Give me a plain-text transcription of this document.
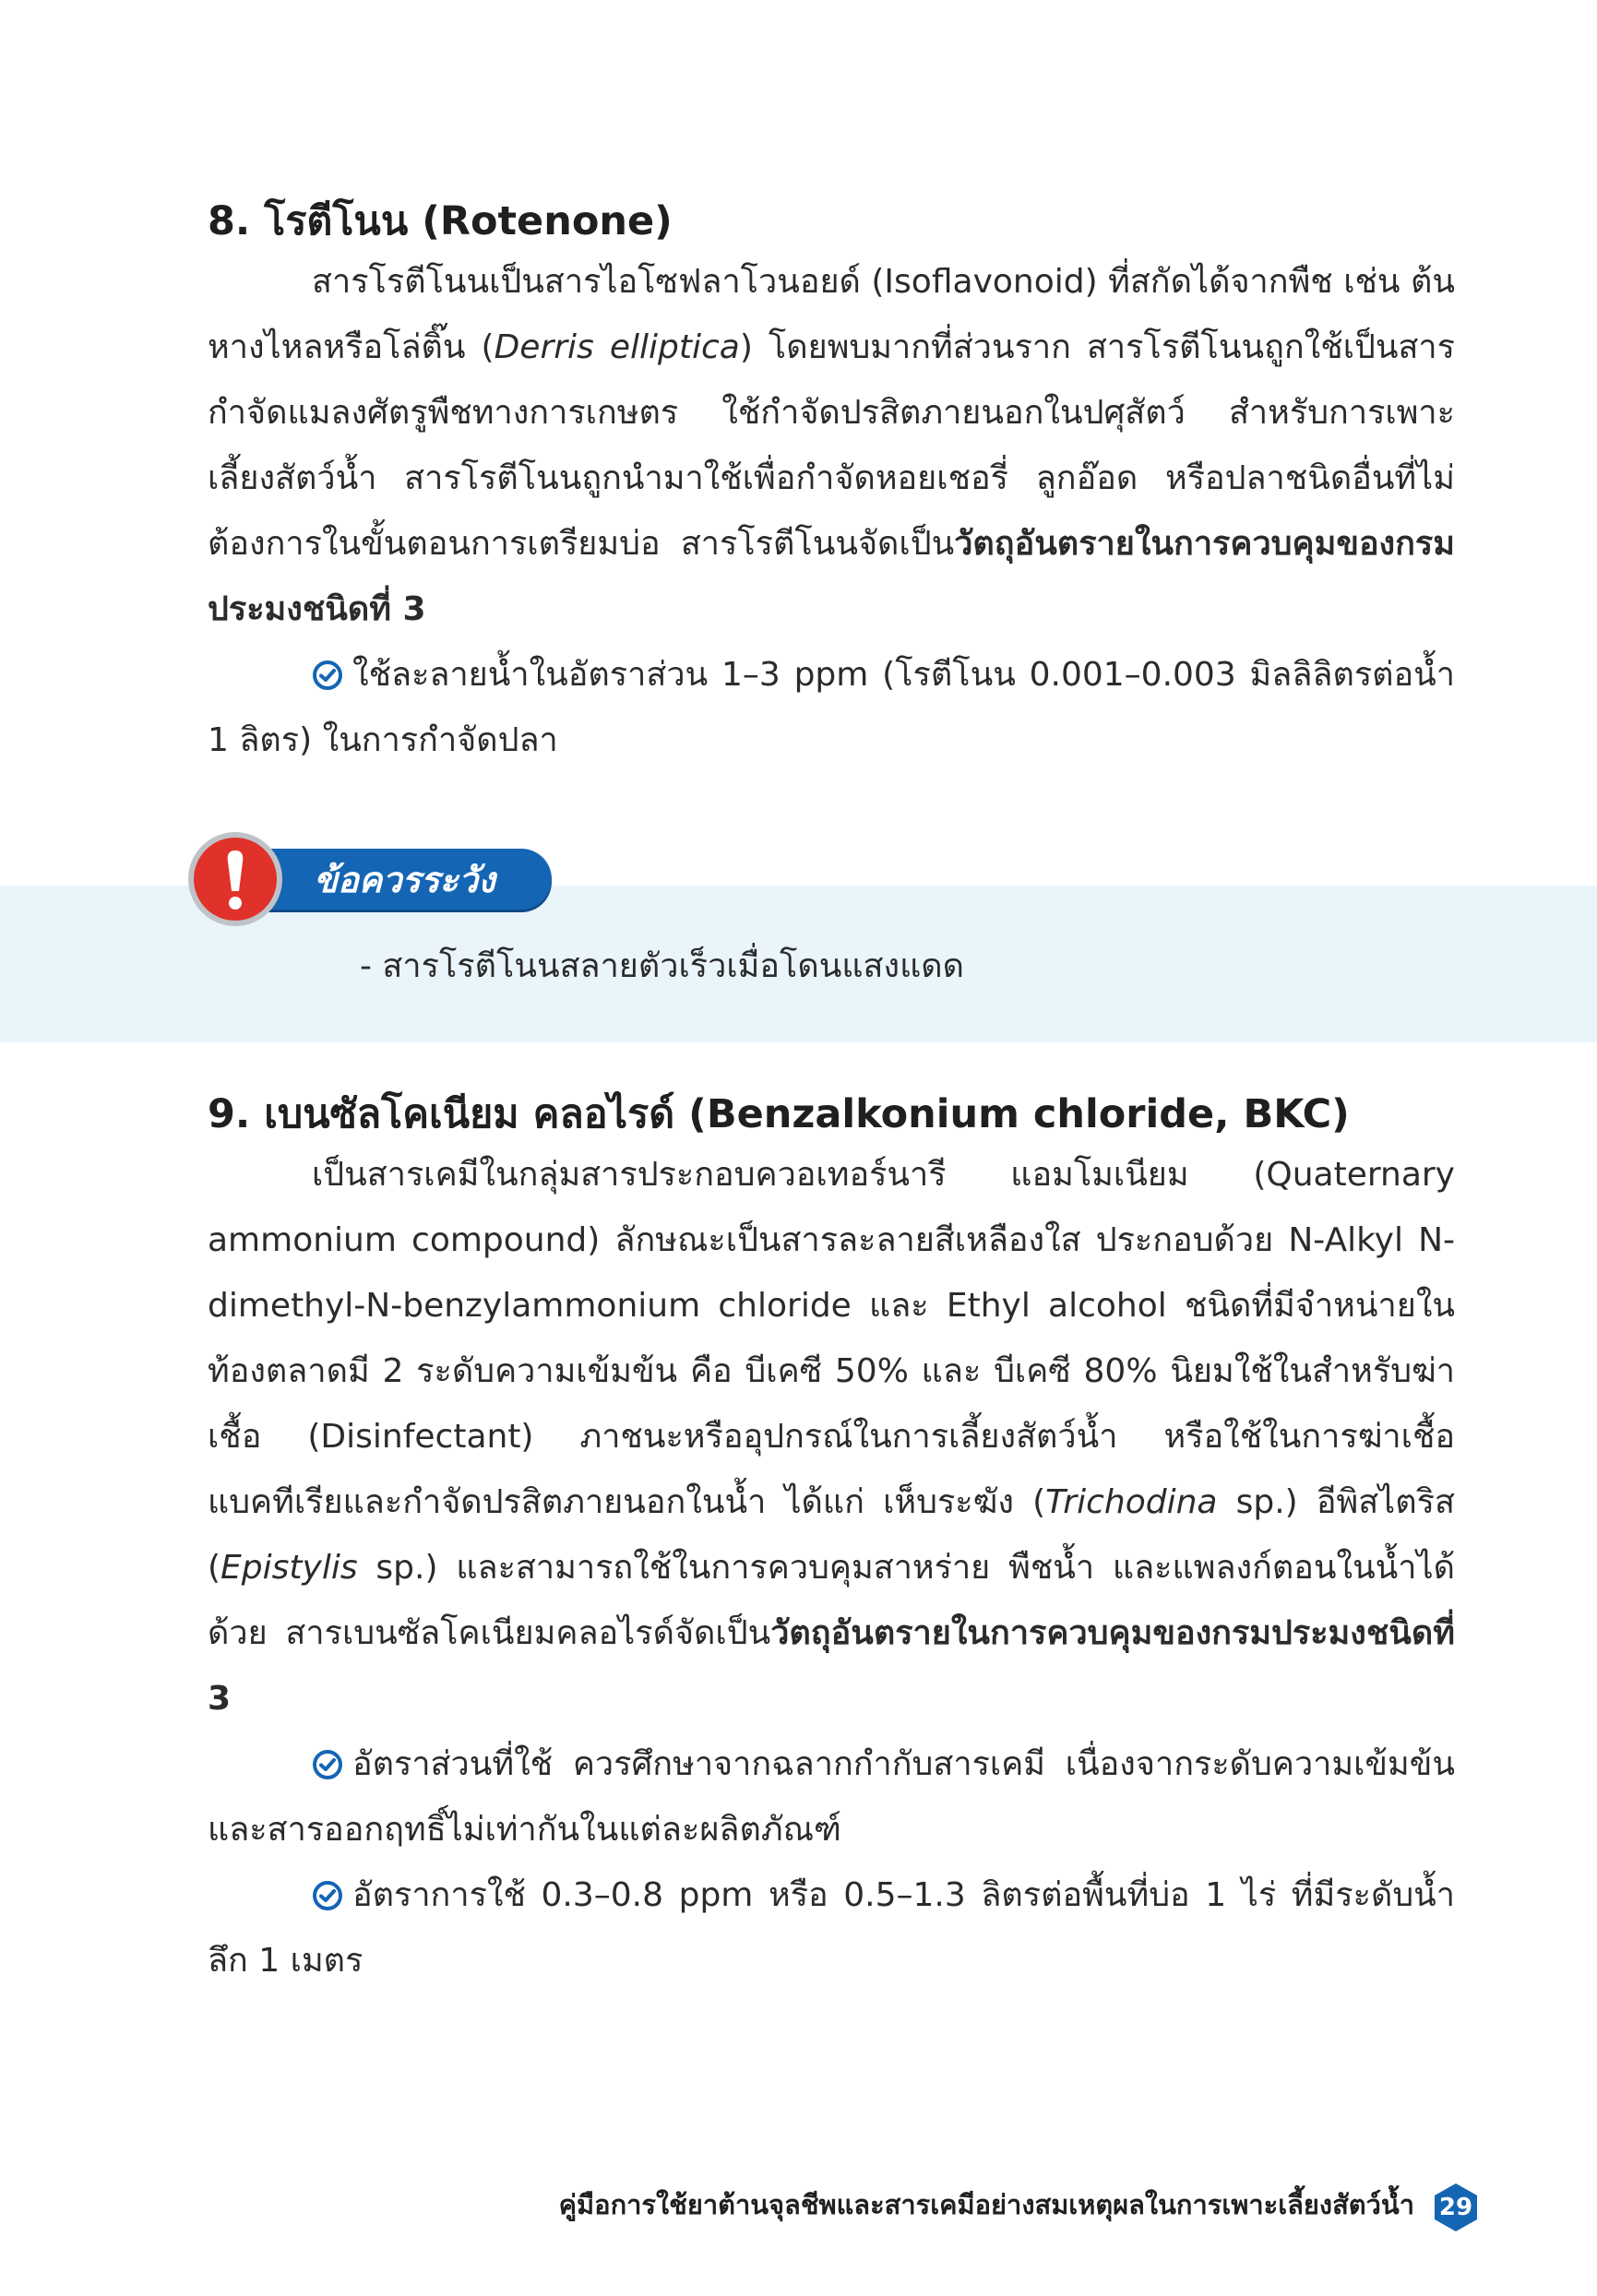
8. โรตีโนน (Rotenone)

สารโรตีโนนเป็นสารไอโซฟลาโวนอยด์ (Isoflavonoid) ที่สกัดได้จากพืช เช่น ต้นหางไหลหรือโล่ติ๊น (Derris elliptica) โดยพบมากที่ส่วนราก สารโรตีโนนถูกใช้เป็นสารกำจัดแมลงศัตรูพืชทางการเกษตร ใช้กำจัดปรสิตภายนอกในปศุสัตว์ สำหรับการเพาะเลี้ยงสัตว์น้ำ สารโรตีโนนถูกนำมาใช้เพื่อกำจัดหอยเชอรี่ ลูกอ๊อด หรือปลาชนิดอื่นที่ไม่ต้องการในขั้นตอนการเตรียมบ่อ สารโรตีโนนจัดเป็นวัตถุอันตรายในการควบคุมของกรมประมงชนิดที่ 3

ใช้ละลายน้ำในอัตราส่วน 1–3 ppm (โรตีโนน 0.001–0.003 มิลลิลิตรต่อน้ำ 1 ลิตร) ในการกำจัดปลา

ข้อควรระวัง
- สารโรตีโนนสลายตัวเร็วเมื่อโดนแสงแดด
9. เบนซัลโคเนียม คลอไรด์ (Benzalkonium chloride, BKC)

เป็นสารเคมีในกลุ่มสารประกอบควอเทอร์นารี แอมโมเนียม (Quaternary ammonium compound) ลักษณะเป็นสารละลายสีเหลืองใส ประกอบด้วย N-Alkyl N-dimethyl-N-benzylammonium chloride และ Ethyl alcohol ชนิดที่มีจำหน่ายในท้องตลาดมี 2 ระดับความเข้มข้น คือ บีเคซี 50% และ บีเคซี 80% นิยมใช้ในสำหรับฆ่าเชื้อ (Disinfectant) ภาชนะหรืออุปกรณ์ในการเลี้ยงสัตว์น้ำ หรือใช้ในการฆ่าเชื้อแบคทีเรียและกำจัดปรสิตภายนอกในน้ำ ได้แก่ เห็บระฆัง (Trichodina sp.) อีพิสไตริส (Epistylis sp.) และสามารถใช้ในการควบคุมสาหร่าย พืชน้ำ และแพลงก์ตอนในน้ำได้ด้วย สารเบนซัลโคเนียมคลอไรด์จัดเป็นวัตถุอันตรายในการควบคุมของกรมประมงชนิดที่ 3

อัตราส่วนที่ใช้ ควรศึกษาจากฉลากกำกับสารเคมี เนื่องจากระดับความเข้มข้นและสารออกฤทธิ์ไม่เท่ากันในแต่ละผลิตภัณฑ์

อัตราการใช้ 0.3–0.8 ppm หรือ 0.5–1.3 ลิตรต่อพื้นที่บ่อ 1 ไร่ ที่มีระดับน้ำลึก 1 เมตร

คู่มือการใช้ยาต้านจุลชีพและสารเคมีอย่างสมเหตุผลในการเพาะเลี้ยงสัตว์น้ำ	29
